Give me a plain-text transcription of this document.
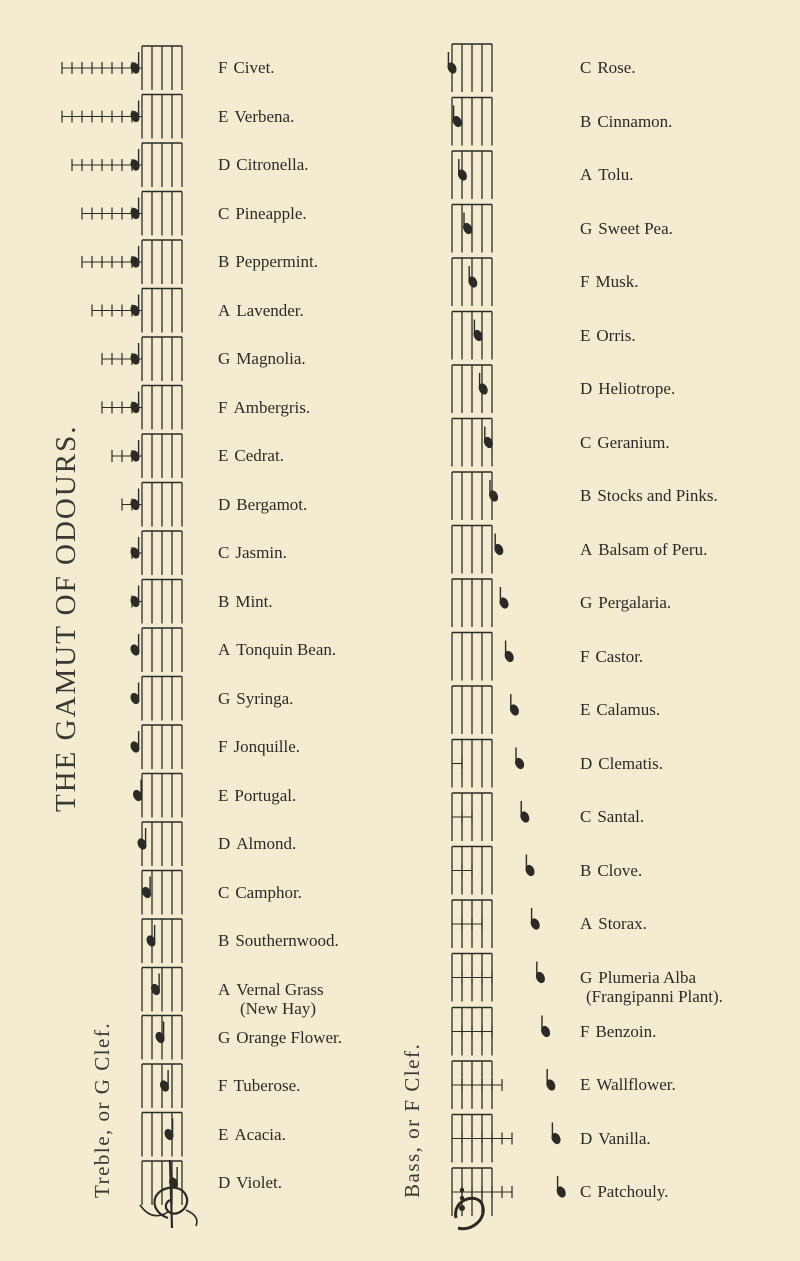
THE GAMUT OF ODOURS.
Treble, or G Clef.	Bass, or F Clef.
F Civet.
E Verbena.
D Citronella.
C Pineapple.
B Peppermint.
A Lavender.
G Magnolia.
F Ambergris.
E Cedrat.
D Bergamot.
C Jasmin.
B Mint.
A Tonquin Bean.
G Syringa.
F Jonquille.
E Portugal.
D Almond.
C Camphor.
B Southernwood.
A Vernal Grass
(New Hay)
G Orange Flower.
F Tuberose.
E Acacia.
D Violet.
C Rose.
B Cinnamon.
A Tolu.
G Sweet Pea.
F Musk.
E Orris.
D Heliotrope.
C Geranium.
B Stocks and Pinks.
A Balsam of Peru.
G Pergalaria.
F Castor.
E Calamus.
D Clematis.
C Santal.
B Clove.
A Storax.
G Plumeria Alba
(Frangipanni Plant).
F Benzoin.
E Wallflower.
D Vanilla.
C Patchouly.
